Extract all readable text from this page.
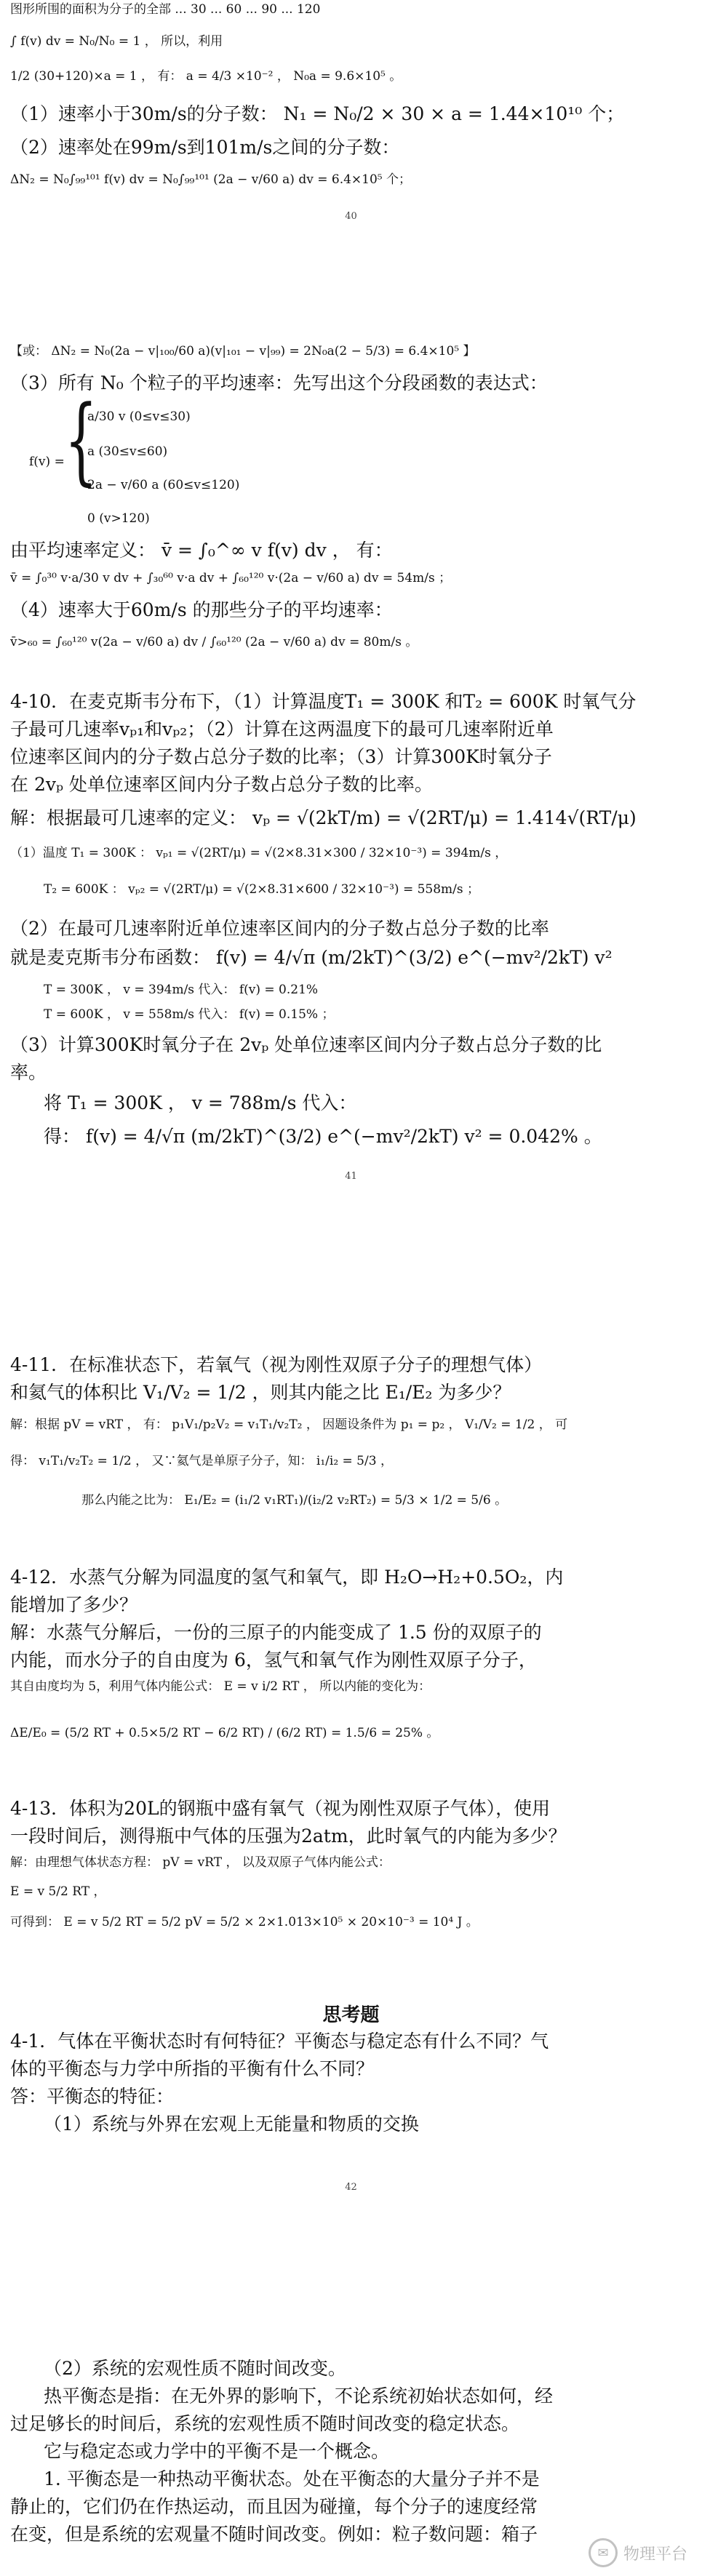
图形所围的面积为分子的全部 ... 30 ... 60 ... 90 ... 120
∫ f(v) dv = N₀/N₀ = 1 ， 所以，利用
1/2 (30+120)×a = 1 ， 有： a = 4/3 ×10⁻² ， N₀a = 9.6×10⁵ 。
（1）速率小于30m/s的分子数： N₁ = N₀/2 × 30 × a = 1.44×10¹⁰ 个；
（2）速率处在99m/s到101m/s之间的分子数：
ΔN₂ = N₀∫₉₉¹⁰¹ f(v) dv = N₀∫₉₉¹⁰¹ (2a − v/60 a) dv = 6.4×10⁵ 个；
40
【或： ΔN₂ = N₀(2a − v|₁₀₀/60 a)(v|₁₀₁ − v|₉₉) = 2N₀a(2 − 5/3) = 6.4×10⁵ 】
（3）所有 N₀ 个粒子的平均速率：先写出这个分段函数的表达式：
f(v) = {
a/30 v (0≤v≤30)
a (30≤v≤60)
2a − v/60 a (60≤v≤120)
0 (v>120)
由平均速率定义： v̄ = ∫₀^∞ v f(v) dv ， 有：
v̄ = ∫₀³⁰ v·a/30 v dv + ∫₃₀⁶⁰ v·a dv + ∫₆₀¹²⁰ v·(2a − v/60 a) dv = 54m/s ；
（4）速率大于60m/s 的那些分子的平均速率：
v̄>₆₀ = ∫₆₀¹²⁰ v(2a − v/60 a) dv / ∫₆₀¹²⁰ (2a − v/60 a) dv = 80m/s 。
4-10．在麦克斯韦分布下，（1）计算温度T₁ = 300K 和T₂ = 600K 时氧气分
子最可几速率vₚ₁和vₚ₂；（2）计算在这两温度下的最可几速率附近单
位速率区间内的分子数占总分子数的比率；（3）计算300K时氧分子
在 2vₚ 处单位速率区间内分子数占总分子数的比率。
解：根据最可几速率的定义： vₚ = √(2kT/m) = √(2RT/μ) = 1.414√(RT/μ)
（1）温度 T₁ = 300K ： vₚ₁ = √(2RT/μ) = √(2×8.31×300 / 32×10⁻³) = 394m/s ，
T₂ = 600K ： vₚ₂ = √(2RT/μ) = √(2×8.31×600 / 32×10⁻³) = 558m/s ；
（2）在最可几速率附近单位速率区间内的分子数占总分子数的比率
就是麦克斯韦分布函数： f(v) = 4/√π (m/2kT)^(3/2) e^(−mv²/2kT) v²
T = 300K ， v = 394m/s 代入： f(v) = 0.21%
T = 600K ， v = 558m/s 代入： f(v) = 0.15% ；
（3）计算300K时氧分子在 2vₚ 处单位速率区间内分子数占总分子数的比
率。
将 T₁ = 300K ， v = 788m/s 代入：
得： f(v) = 4/√π (m/2kT)^(3/2) e^(−mv²/2kT) v² = 0.042% 。
41
4-11．在标准状态下，若氧气（视为刚性双原子分子的理想气体）
和氦气的体积比 V₁/V₂ = 1/2 ，则其内能之比 E₁/E₂ 为多少？
解：根据 pV = vRT ， 有： p₁V₁/p₂V₂ = v₁T₁/v₂T₂ ， 因题设条件为 p₁ = p₂ ， V₁/V₂ = 1/2 ， 可
得： v₁T₁/v₂T₂ = 1/2 ， 又∵氦气是单原子分子，知： i₁/i₂ = 5/3 ，
那么内能之比为： E₁/E₂ = (i₁/2 v₁RT₁)/(i₂/2 v₂RT₂) = 5/3 × 1/2 = 5/6 。
4-12．水蒸气分解为同温度的氢气和氧气，即 H₂O→H₂+0.5O₂，内
能增加了多少？
解：水蒸气分解后，一份的三原子的内能变成了 1.5 份的双原子的
内能，而水分子的自由度为 6，氢气和氧气作为刚性双原子分子，
其自由度均为 5，利用气体内能公式： E = v i/2 RT ， 所以内能的变化为：
ΔE/E₀ = (5/2 RT + 0.5×5/2 RT − 6/2 RT) / (6/2 RT) = 1.5/6 = 25% 。
4-13．体积为20L的钢瓶中盛有氧气（视为刚性双原子气体），使用
一段时间后，测得瓶中气体的压强为2atm，此时氧气的内能为多少？
解：由理想气体状态方程： pV = vRT ， 以及双原子气体内能公式：
E = v 5/2 RT ，
可得到： E = v 5/2 RT = 5/2 pV = 5/2 × 2×1.013×10⁵ × 20×10⁻³ = 10⁴ J 。
思考题
4-1．气体在平衡状态时有何特征？平衡态与稳定态有什么不同？气
体的平衡态与力学中所指的平衡有什么不同？
答：平衡态的特征：
（1）系统与外界在宏观上无能量和物质的交换
42
（2）系统的宏观性质不随时间改变。
热平衡态是指：在无外界的影响下，不论系统初始状态如何，经
过足够长的时间后，系统的宏观性质不随时间改变的稳定状态。
它与稳定态或力学中的平衡不是一个概念。
1. 平衡态是一种热动平衡状态。处在平衡态的大量分子并不是
静止的，它们仍在作热运动，而且因为碰撞，每个分子的速度经常
在变，但是系统的宏观量不随时间改变。例如：粒子数问题：箱子
✉ 物理平台
